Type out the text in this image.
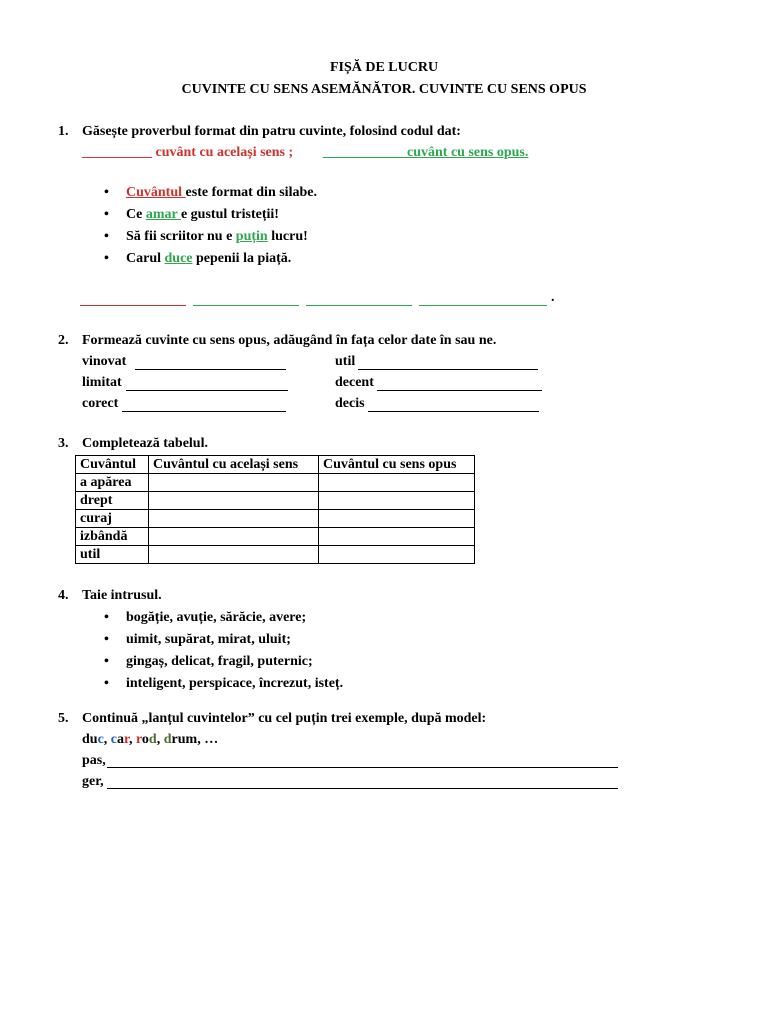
FIȘĂ DE LUCRU
CUVINTE CU SENS ASEMĂNĂTOR. CUVINTE CU SENS OPUS
1. Găsește proverbul format din patru cuvinte, folosind codul dat:
__________ cuvânt cu același sens ; ____________cuvânt cu sens opus.
• Cuvântul este format din silabe.
• Ce amar e gustul tristeții!
• Să fii scriitor nu e puțin lucru!
• Carul duce pepenii la piață.
.
2. Formează cuvinte cu sens opus, adăugând în fața celor date în sau ne.
vinovat
limitat
corect
util
decent
decis
3. Completează tabelul.
Cuvântul	Cuvântul cu același sens	Cuvântul cu sens opus
a apărea		
drept		
curaj		
izbândă		
util		
4. Taie intrusul.
• bogăție, avuție, sărăcie, avere;
• uimit, supărat, mirat, uluit;
• gingaș, delicat, fragil, puternic;
• inteligent, perspicace, încrezut, isteț.
5. Continuă „lanțul cuvintelor” cu cel puțin trei exemple, după model:
duc, car, rod, drum, …
pas,
ger,
